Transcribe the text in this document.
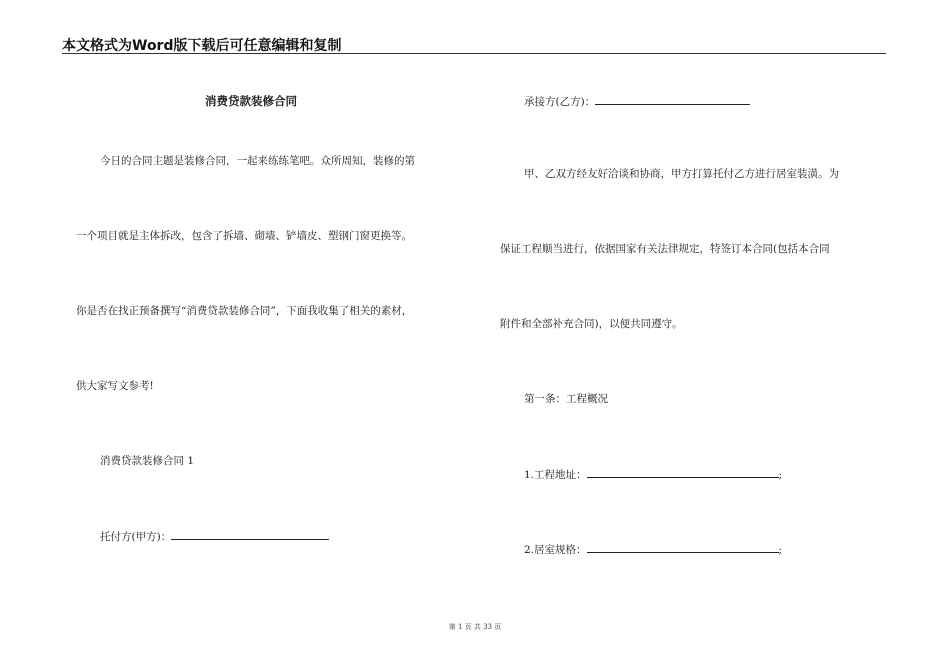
本文格式为Word版下载后可任意编辑和复制
消费贷款装修合同
今日的合同主题是装修合同，一起来练练笔吧。众所周知，装修的第
一个项目就是主体拆改，包含了拆墙、砌墙、铲墙皮、塑钢门窗更换等。
你是否在找正预备撰写“消费贷款装修合同”，下面我收集了相关的素材，
供大家写文参考!
消费贷款装修合同 1
托付方(甲方)：
承接方(乙方)：
甲、乙双方经友好洽谈和协商，甲方打算托付乙方进行居室装潢。为
保证工程顺当进行，依据国家有关法律规定，特签订本合同(包括本合同
附件和全部补充合同)，以便共同遵守。
第一条：工程概况
1.工程地址：	;
2.居室规格：	;
第 1 页 共 33 页
